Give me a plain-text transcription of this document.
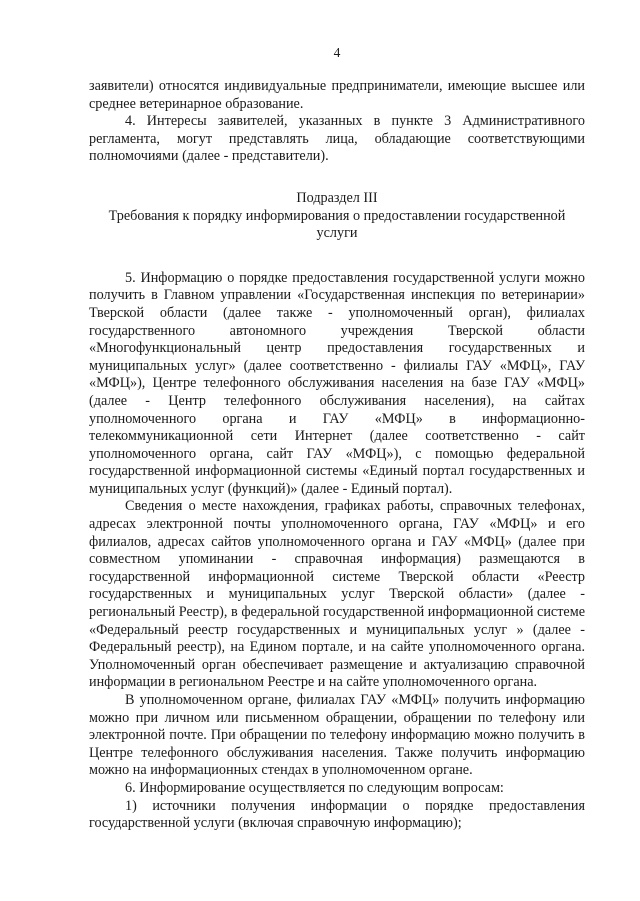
4

заявители) относятся индивидуальные предприниматели, имеющие высшее или среднее ветеринарное образование.

4. Интересы заявителей, указанных в пункте 3 Административного регламента, могут представлять лица, обладающие соответствующими полномочиями (далее - представители).

Подраздел III
Требования к порядку информирования о предоставлении государственной услуги

5. Информацию о порядке предоставления государственной услуги можно получить в Главном управлении «Государственная инспекция по ветеринарии» Тверской области (далее также - уполномоченный орган), филиалах государственного автономного учреждения Тверской области «Многофункциональный центр предоставления государственных и муниципальных услуг» (далее соответственно - филиалы ГАУ «МФЦ», ГАУ «МФЦ»), Центре телефонного обслуживания населения на базе ГАУ «МФЦ» (далее - Центр телефонного обслуживания населения), на сайтах уполномоченного органа и ГАУ «МФЦ» в информационно-телекоммуникационной сети Интернет (далее соответственно - сайт уполномоченного органа, сайт ГАУ «МФЦ»), с помощью федеральной государственной информационной системы «Единый портал государственных и муниципальных услуг (функций)» (далее - Единый портал).

Сведения о месте нахождения, графиках работы, справочных телефонах, адресах электронной почты уполномоченного органа, ГАУ «МФЦ» и его филиалов, адресах сайтов уполномоченного органа и ГАУ «МФЦ» (далее при совместном упоминании - справочная информация) размещаются в государственной информационной системе Тверской области «Реестр государственных и муниципальных услуг Тверской области» (далее - региональный Реестр), в федеральной государственной информационной системе «Федеральный реестр государственных и муниципальных услуг » (далее - Федеральный реестр), на Едином портале, и на сайте уполномоченного органа. Уполномоченный орган обеспечивает размещение и актуализацию справочной информации в региональном Реестре и на сайте уполномоченного органа.

В уполномоченном органе, филиалах ГАУ «МФЦ» получить информацию можно при личном или письменном обращении, обращении по телефону или электронной почте. При обращении по телефону информацию можно получить в Центре телефонного обслуживания населения. Также получить информацию можно на информационных стендах в уполномоченном органе.

6. Информирование осуществляется по следующим вопросам:

1) источники получения информации о порядке предоставления государственной услуги (включая справочную информацию);
